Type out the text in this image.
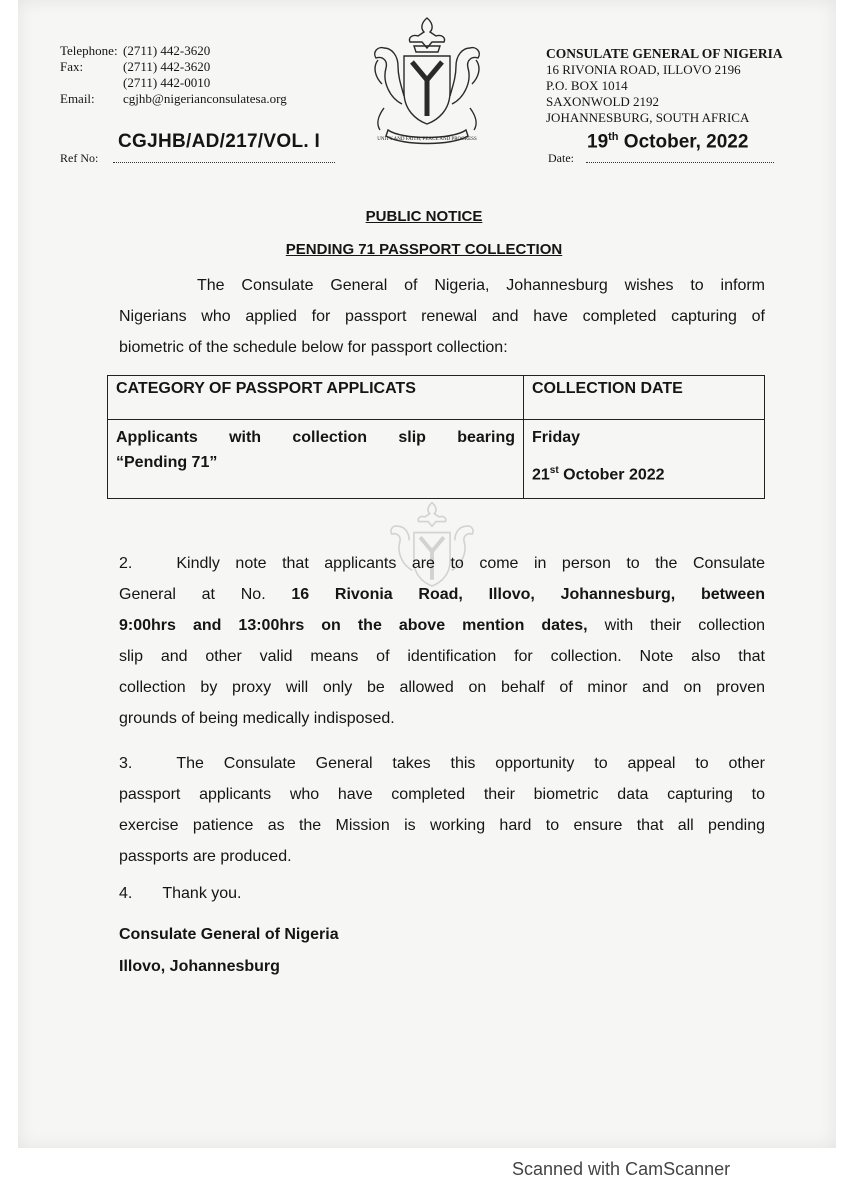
UNITY AND FAITH, PEACE AND PROGRESS
Telephone: (2711) 442-3620
Fax:	(2711) 442-3620
(2711) 442-0010
Email: cgjhb@nigerianconsulatesa.org
CONSULATE GENERAL OF NIGERIA
16 RIVONIA ROAD, ILLOVO 2196
P.O. BOX 1014
SAXONWOLD 2192
JOHANNESBURG, SOUTH AFRICA
CGJHB/AD/217/VOL. I
Ref No:
19th October, 2022
Date:
PUBLIC NOTICE
PENDING 71 PASSPORT COLLECTION
The Consulate General of Nigeria, Johannesburg wishes to inform
Nigerians who applied for passport renewal and have completed capturing of
biometric of the schedule below for passport collection:
CATEGORY OF PASSPORT APPLICATS	COLLECTION DATE

Applicants with collection slip bearing
“Pending 71”	Friday
21st October 2022
2.	Kindly note that applicants are to come in person to the Consulate
General at No. 16 Rivonia Road, Illovo, Johannesburg, between
9:00hrs and 13:00hrs on the above mention dates, with their collection
slip and other valid means of identification for collection. Note also that
collection by proxy will only be allowed on behalf of minor and on proven
grounds of being medically indisposed.
3.	The Consulate General takes this opportunity to appeal to other
passport applicants who have completed their biometric data capturing to
exercise patience as the Mission is working hard to ensure that all pending
passports are produced.
4. Thank you.
Consulate General of Nigeria
Illovo, Johannesburg
Scanned with CamScanner
